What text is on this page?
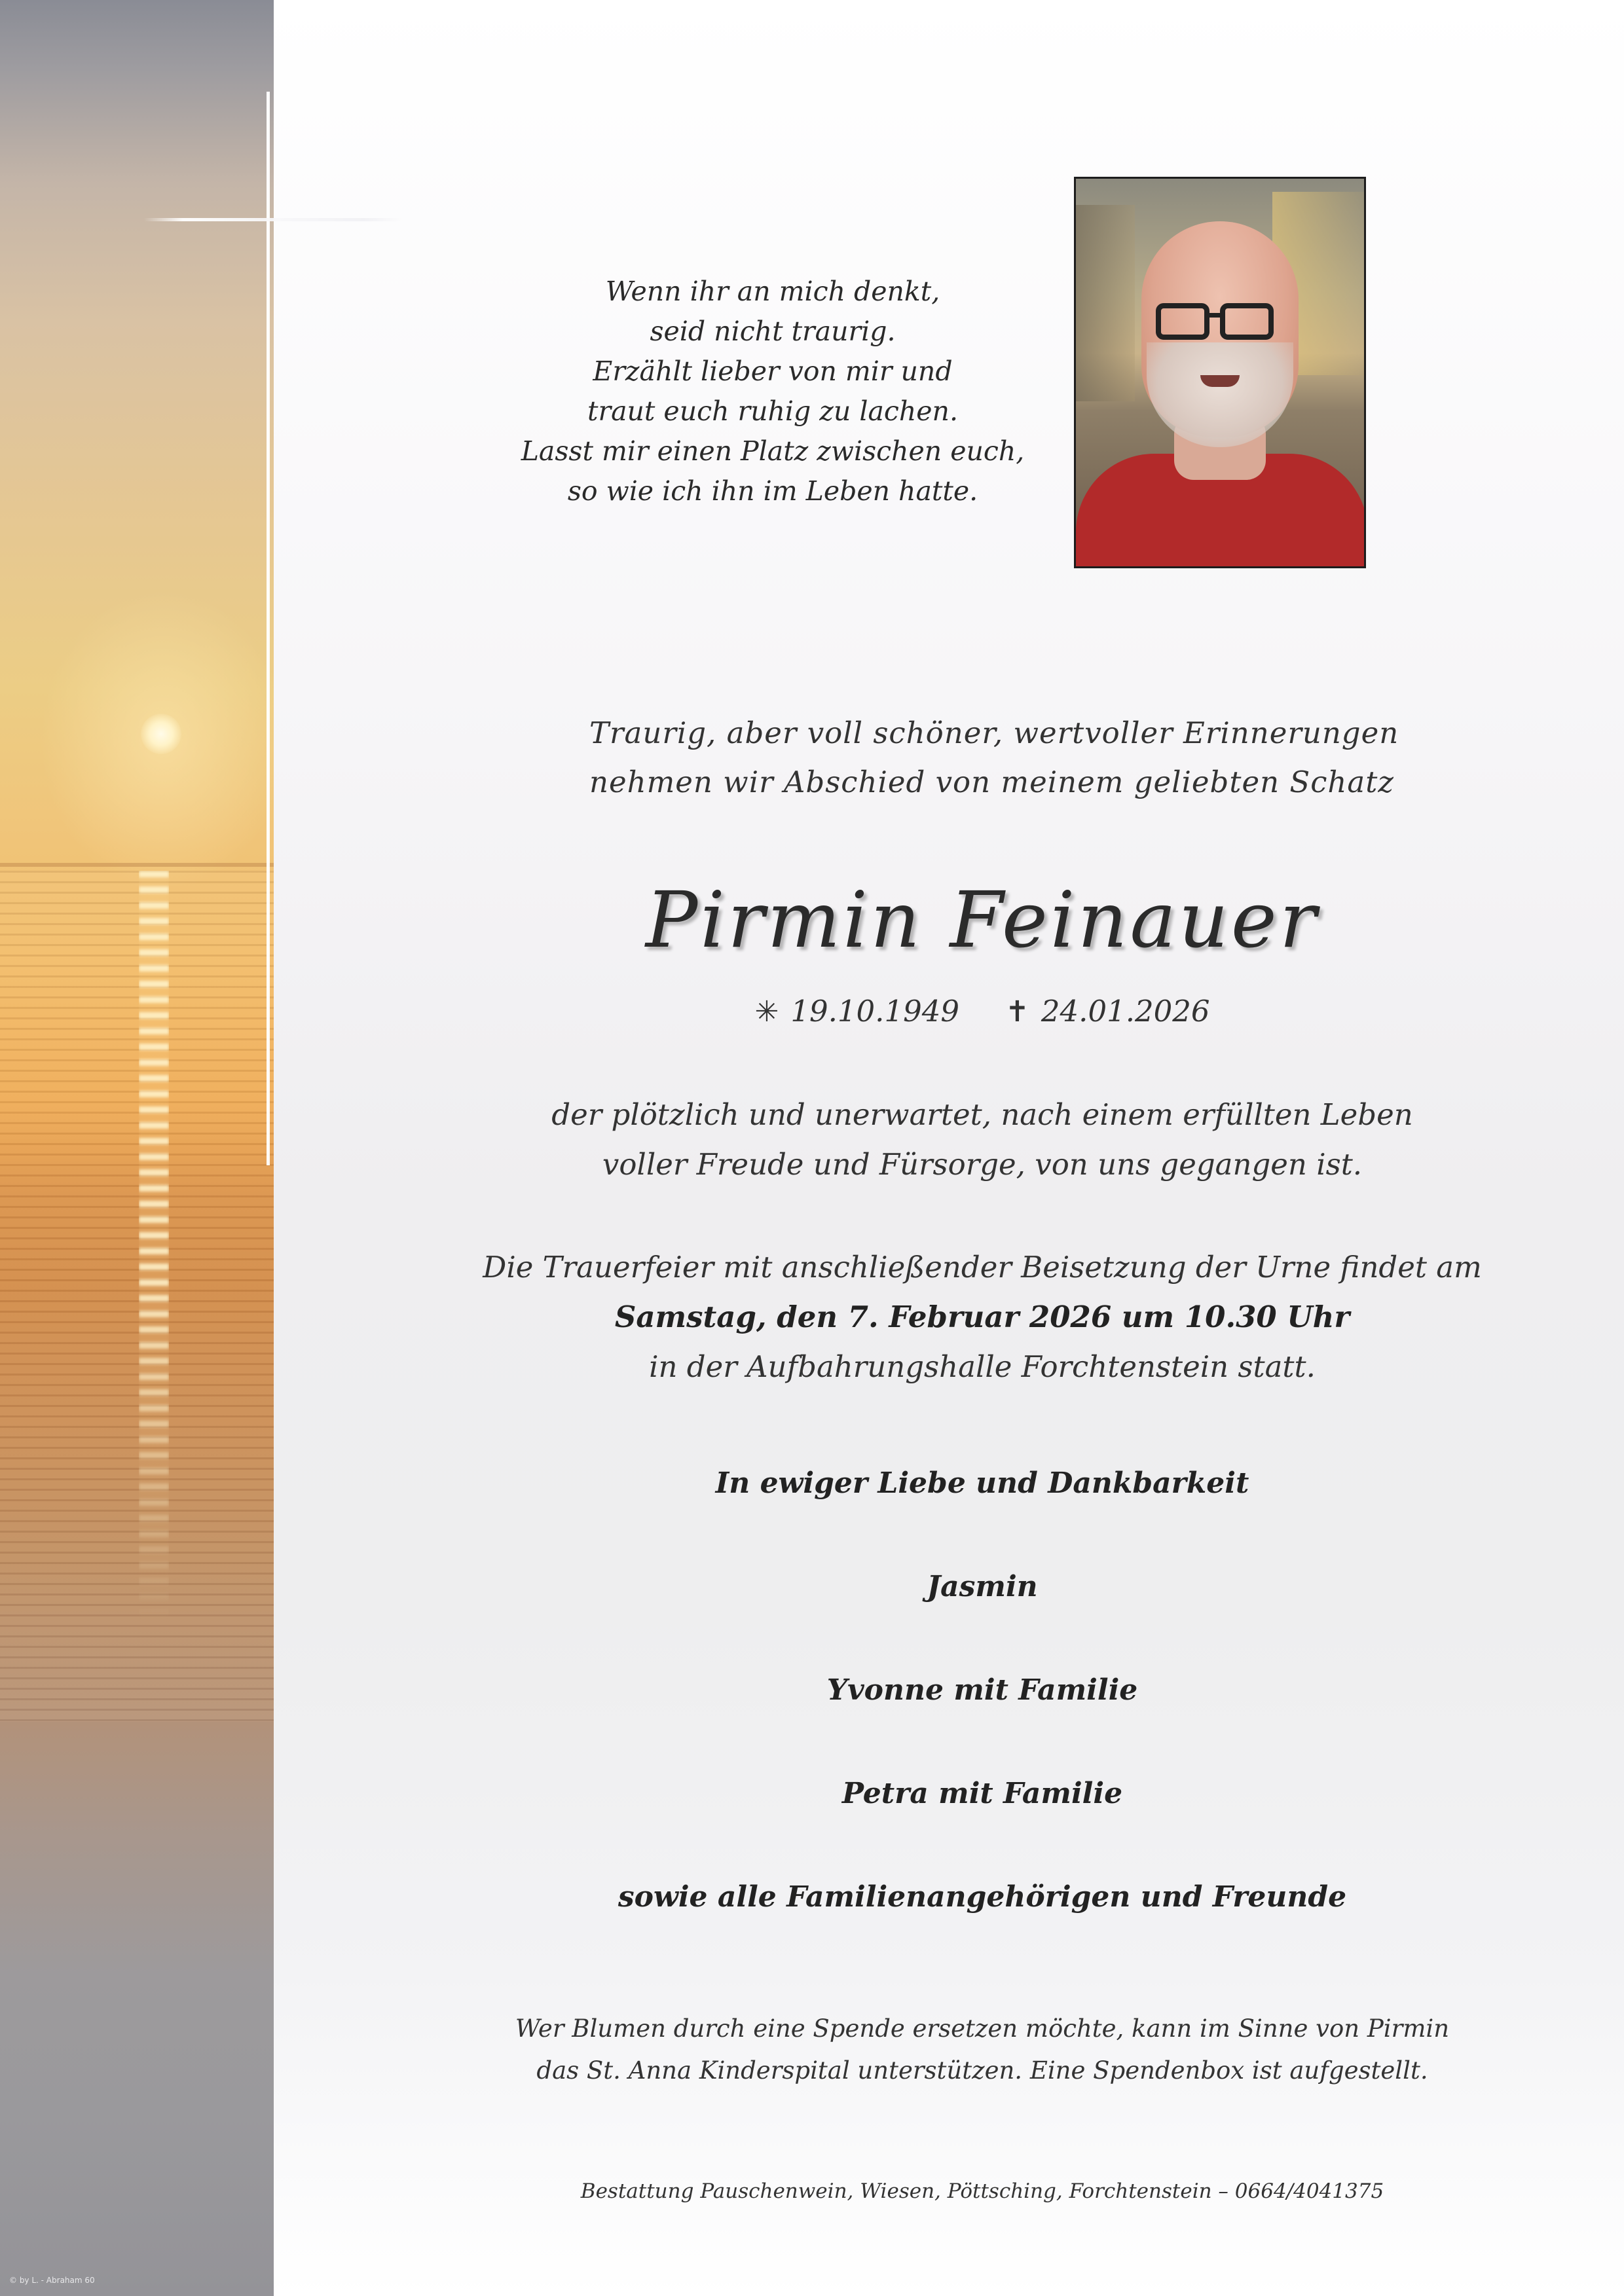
© by L. - Abraham 60
Wenn ihr an mich denkt,
seid nicht traurig.
Erzählt lieber von mir und
traut euch ruhig zu lachen.
Lasst mir einen Platz zwischen euch,
so wie ich ihn im Leben hatte.
Traurig, aber voll schöner, wertvoller Erinnerungen
nehmen wir Abschied von meinem geliebten Schatz
Pirmin Feinauer
✳ 19.10.1949 ✝ 24.01.2026
der plötzlich und unerwartet, nach einem erfüllten Leben
voller Freude und Fürsorge, von uns gegangen ist.
Die Trauerfeier mit anschließender Beisetzung der Urne findet am
Samstag, den 7. Februar 2026 um 10.30 Uhr
in der Aufbahrungshalle Forchtenstein statt.
In ewiger Liebe und Dankbarkeit
Jasmin
Yvonne mit Familie
Petra mit Familie
sowie alle Familienangehörigen und Freunde
Wer Blumen durch eine Spende ersetzen möchte, kann im Sinne von Pirmin
das St. Anna Kinderspital unterstützen. Eine Spendenbox ist aufgestellt.
Bestattung Pauschenwein, Wiesen, Pöttsching, Forchtenstein – 0664/4041375
